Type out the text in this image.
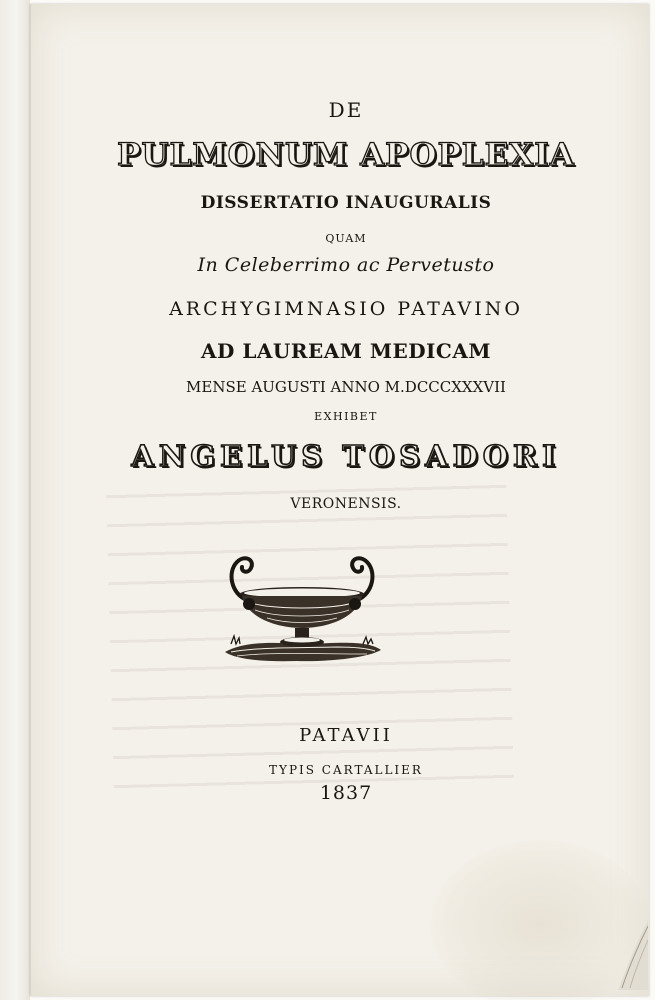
DE

PULMONUM APOPLEXIA

DISSERTATIO INAUGURALIS

QUAM

In Celeberrimo ac Pervetusto

ARCHYGIMNASIO PATAVINO

AD LAUREAM MEDICAM

MENSE AUGUSTI ANNO M.DCCCXXXVII

EXHIBET

ANGELUS TOSADORI

VERONENSIS.

PATAVII

TYPIS CARTALLIER

1837
